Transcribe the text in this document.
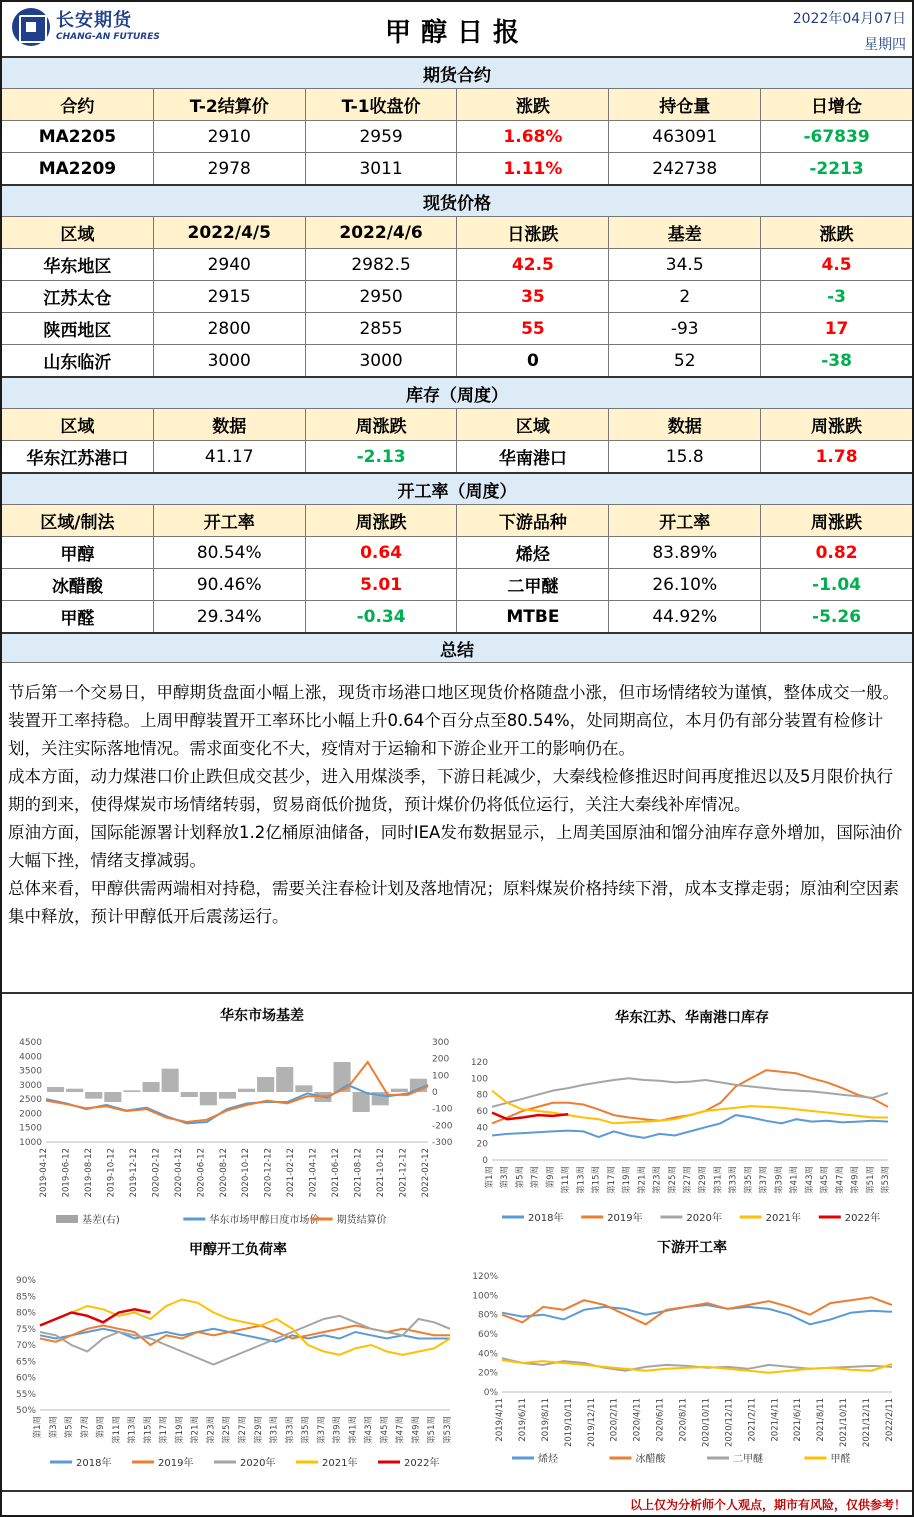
长安期货
CHANG-AN FUTURES	甲醇日报	2022年04月07日
星期四
期货合约
合约	T-2结算价	T-1收盘价	涨跌	持仓量	日增仓
MA2205	2910	2959	1.68%	463091	-67839
MA2209	2978	3011	1.11%	242738	-2213
现货价格
区域	2022/4/5	2022/4/6	日涨跌	基差	涨跌
华东地区	2940	2982.5	42.5	34.5	4.5
江苏太仓	2915	2950	35	2	-3
陕西地区	2800	2855	55	-93	17
山东临沂	3000	3000	0	52	-38
库存（周度）
区域	数据	周涨跌	区域	数据	周涨跌
华东江苏港口	41.17	-2.13	华南港口	15.8	1.78
开工率（周度）
区域/制法	开工率	周涨跌	下游品种	开工率	周涨跌
甲醇	80.54%	0.64	烯烃	83.89%	0.82
冰醋酸	90.46%	5.01	二甲醚	26.10%	-1.04
甲醛	29.34%	-0.34	MTBE	44.92%	-5.26
总结

节后第一个交易日，甲醇期货盘面小幅上涨，现货市场港口地区现货价格随盘小涨，但市场情绪较为谨慎，整体成交一般。装置开工率持稳。上周甲醇装置开工率环比小幅上升0.64个百分点至80.54%，处同期高位，本月仍有部分装置有检修计划，关注实际落地情况。需求面变化不大，疫情对于运输和下游企业开工的影响仍在。

成本方面，动力煤港口价止跌但成交甚少，进入用煤淡季，下游日耗减少，大秦线检修推迟时间再度推迟以及5月限价执行期的到来，使得煤炭市场情绪转弱，贸易商低价抛货，预计煤价仍将低位运行，关注大秦线补库情况。

原油方面，国际能源署计划释放1.2亿桶原油储备，同时IEA发布数据显示，上周美国原油和馏分油库存意外增加，国际油价大幅下挫，情绪支撑减弱。

总体来看，甲醇供需两端相对持稳，需要关注春检计划及落地情况；原料煤炭价格持续下滑，成本支撑走弱；原油利空因素集中释放，预计甲醇低开后震荡运行。

华东市场基差
4500
4000
3500
3000
2500
2000
1500
1000
300
200
100
0
-100
-200
-300
2019-04-12 2019-06-12 2019-08-12 2019-10-12 2019-12-12 2020-02-12 2020-04-12 2020-06-12 2020-08-12 2020-10-12 2020-12-12 2021-02-12 2021-04-12 2021-06-12 2021-08-12 2021-10-12 2021-12-12 2022-02-12
基差(右)	华东市场甲醇日度市场价 期货结算价
华东江苏、华南港口库存
120
100
80
60
40
20
0
第1周 第3周 第5周 第7周 第9周 第11周 第13周 第15周 第17周 第19周 第21周 第23周 第25周 第27周 第29周 第31周 第33周 第35周 第37周 第39周 第41周 第43周 第45周 第47周 第49周 第51周 第53周
2018年	2019年	2020年	2021年	2022年
甲醇开工负荷率
90%
85%
80%
75%
70%
65%
60%
55%
50%
第1周 第3周 第5周 第7周 第9周 第11周 第13周 第15周 第17周 第19周 第21周 第23周 第25周 第27周 第29周 第31周 第33周 第35周 第37周 第39周 第41周 第43周 第45周 第47周 第49周 第51周 第53周
2018年	2019年	2020年	2021年	2022年
下游开工率
120%
100%
80%
60%
40%
20%
0%
2019/4/11 2019/6/11 2019/8/11 2019/10/11 2019/12/11 2020/2/11 2020/4/11 2020/6/11 2020/8/11 2020/10/11 2020/12/11 2021/2/11 2021/4/11 2021/6/11 2021/8/11 2021/10/11 2021/12/11 2022/2/11
烯烃	冰醋酸	二甲醚	甲醛
以上仅为分析师个人观点，期市有风险，仅供参考！
